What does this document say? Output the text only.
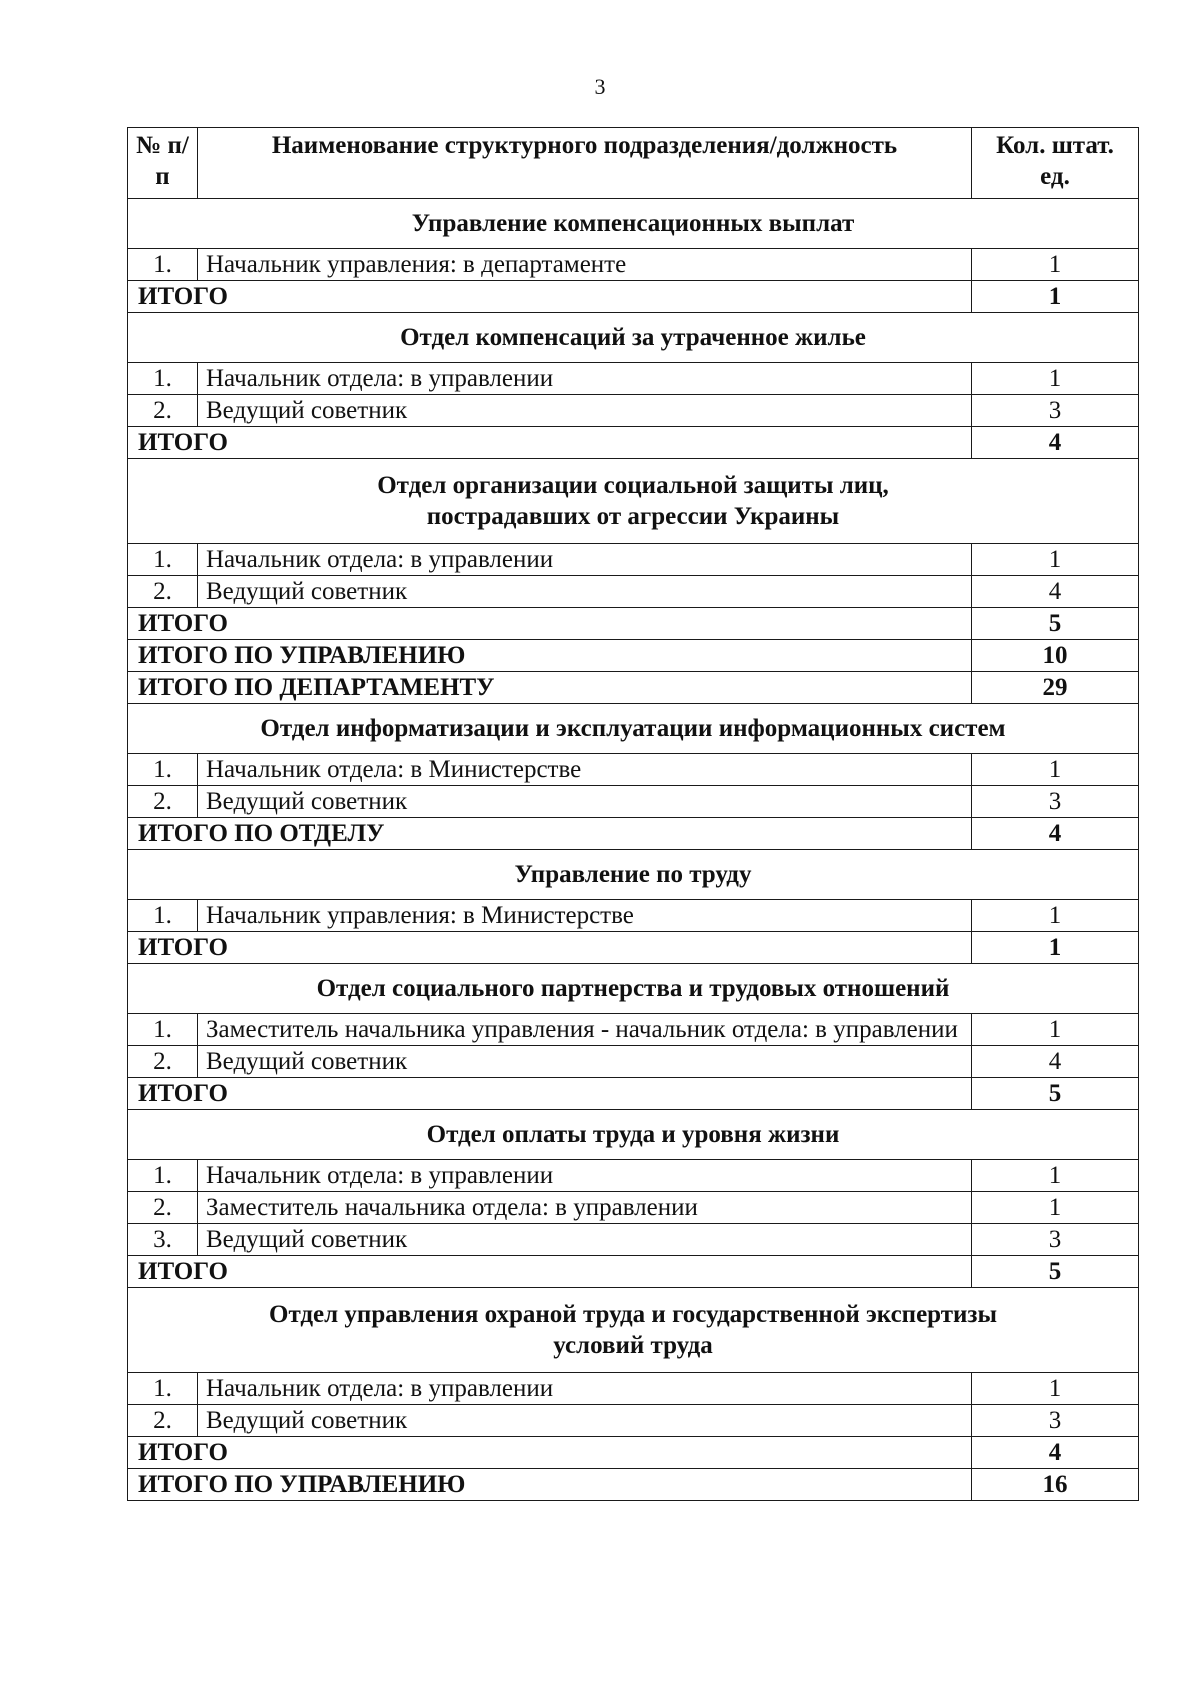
3
№ п/п	Наименование структурного подразделения/должность	Кол. штат. ед.

Управление компенсационных выплат		

1.	Начальник управления: в департаменте	1
ИТОГО		1

Отдел компенсаций за утраченное жилье		

1.	Начальник отдела: в управлении	1
2.	Ведущий советник	3
ИТОГО		4

Отдел организации социальной защиты лиц,
пострадавших от агрессии Украины		

1.	Начальник отдела: в управлении	1
2.	Ведущий советник	4
ИТОГО		5
ИТОГО ПО УПРАВЛЕНИЮ		10
ИТОГО ПО ДЕПАРТАМЕНТУ		29

Отдел информатизации и эксплуатации информационных систем		

1.	Начальник отдела: в Министерстве	1
2.	Ведущий советник	3
ИТОГО ПО ОТДЕЛУ		4

Управление по труду		

1.	Начальник управления: в Министерстве	1
ИТОГО		1

Отдел социального партнерства и трудовых отношений		

1.	Заместитель начальника управления - начальник отдела: в управлении	1
2.	Ведущий советник	4
ИТОГО		5

Отдел оплаты труда и уровня жизни		

1.	Начальник отдела: в управлении	1
2.	Заместитель начальника отдела: в управлении	1
3.	Ведущий советник	3
ИТОГО		5

Отдел управления охраной труда и государственной экспертизы
условий труда		

1.	Начальник отдела: в управлении	1
2.	Ведущий советник	3
ИТОГО		4
ИТОГО ПО УПРАВЛЕНИЮ		16
